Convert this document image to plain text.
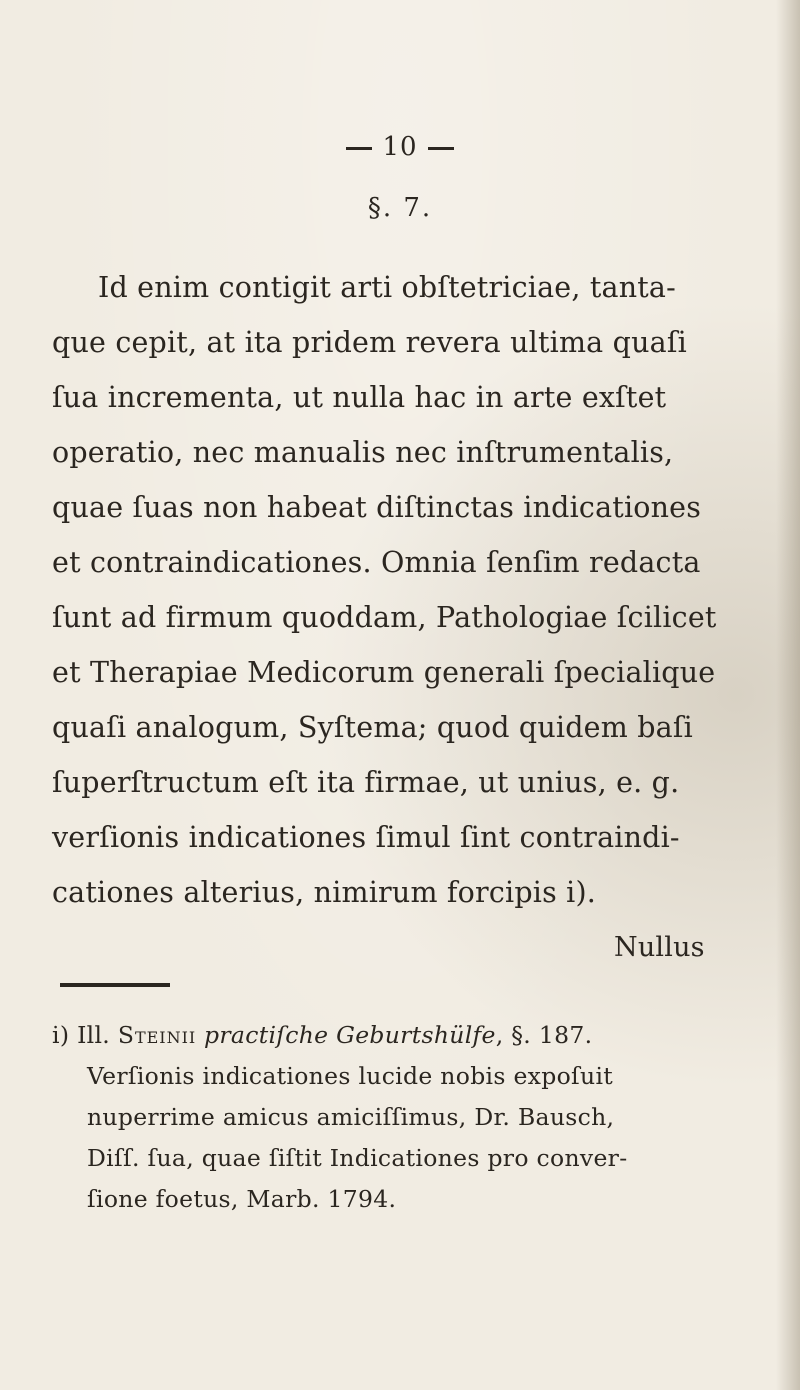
10
§. 7.
Id enim contigit arti obſtetriciae, tanta-
que cepit, at ita pridem revera ultima quaſi
ſua incrementa, ut nulla hac in arte exſtet
operatio, nec manualis nec inſtrumentalis,
quae ſuas non habeat diſtinctas indicationes
et contraindicationes. Omnia ſenſim redacta
ſunt ad firmum quoddam, Pathologiae ſcilicet
et Therapiae Medicorum generali ſpecialique
quaſi analogum, Syſtema; quod quidem baſi
ſuperſtructum eſt ita firmae, ut unius, e. g.
verſionis indicationes ſimul ſint contraindi-
cationes alterius, nimirum forcipis i).
Nullus
i) Ill. Steinii practiſche Geburtshülfe, §. 187.
Verſionis indicationes lucide nobis expoſuit
nuperrime amicus amiciſſimus, Dr. Bausch,
Diſſ. ſua, quae ſiſtit Indicationes pro conver-
ſione foetus, Marb. 1794.
